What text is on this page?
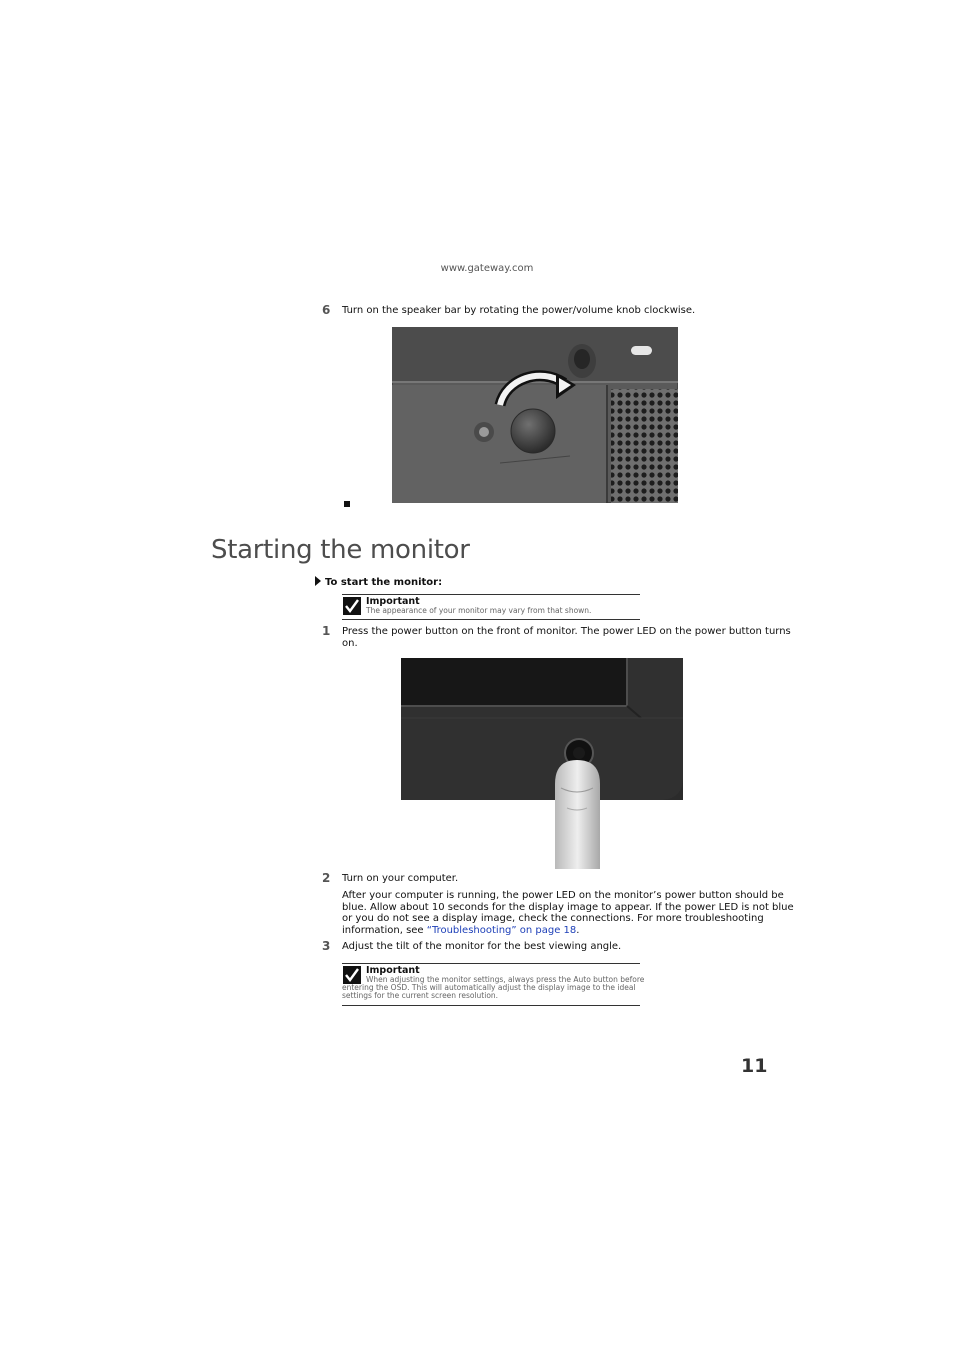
www.gateway.com
6 Turn on the speaker bar by rotating the power/volume knob clockwise.
Starting the monitor
To start the monitor:
Important
The appearance of your monitor may vary from that shown.
1 Press the power button on the front of monitor. The power LED on the power button turns
on.
2 Turn on your computer.
After your computer is running, the power LED on the monitor’s power button should be
blue. Allow about 10 seconds for the display image to appear. If the power LED is not blue
or you do not see a display image, check the connections. For more troubleshooting
information, see “Troubleshooting” on page 18.
3 Adjust the tilt of the monitor for the best viewing angle.
Important
When adjusting the monitor settings, always press the Auto button before
entering the OSD. This will automatically adjust the display image to the ideal
settings for the current screen resolution.
11
